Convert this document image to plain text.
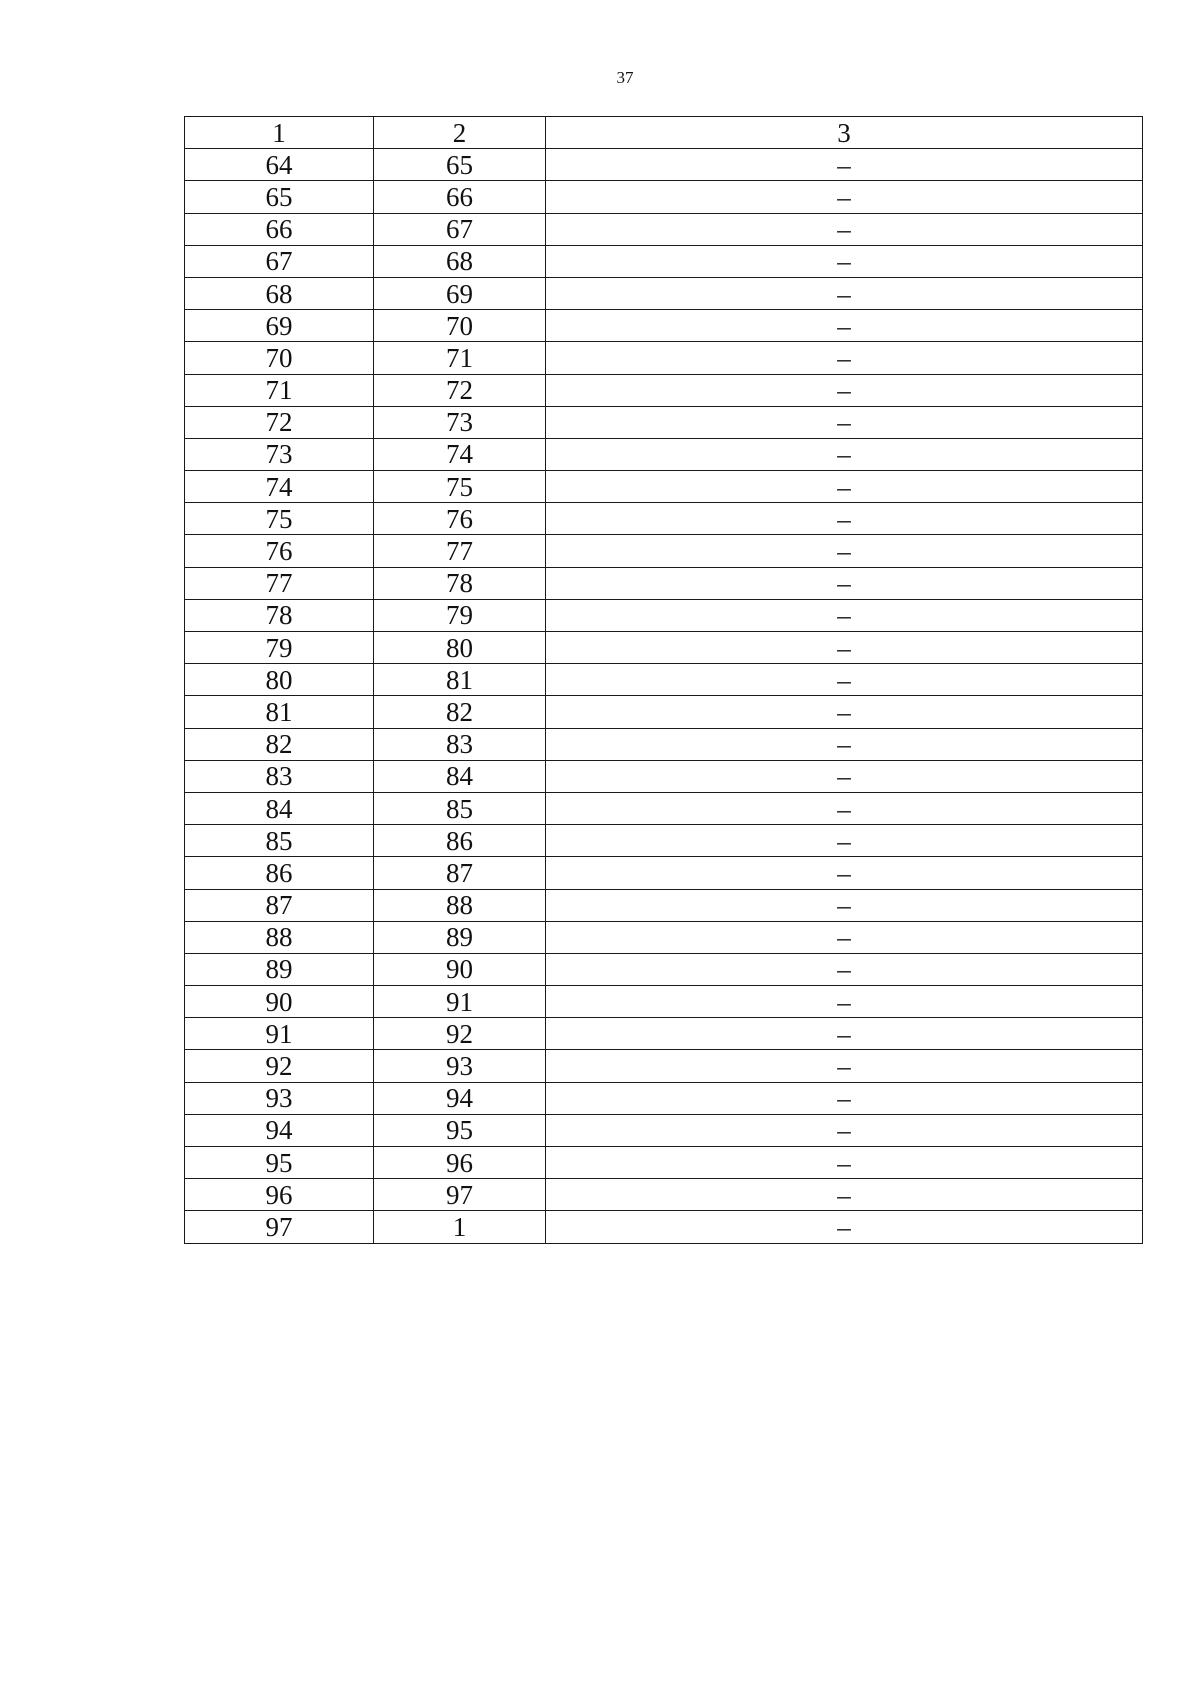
37
1	2	3
64	65	–
65	66	–
66	67	–
67	68	–
68	69	–
69	70	–
70	71	–
71	72	–
72	73	–
73	74	–
74	75	–
75	76	–
76	77	–
77	78	–
78	79	–
79	80	–
80	81	–
81	82	–
82	83	–
83	84	–
84	85	–
85	86	–
86	87	–
87	88	–
88	89	–
89	90	–
90	91	–
91	92	–
92	93	–
93	94	–
94	95	–
95	96	–
96	97	–
97	1	–
